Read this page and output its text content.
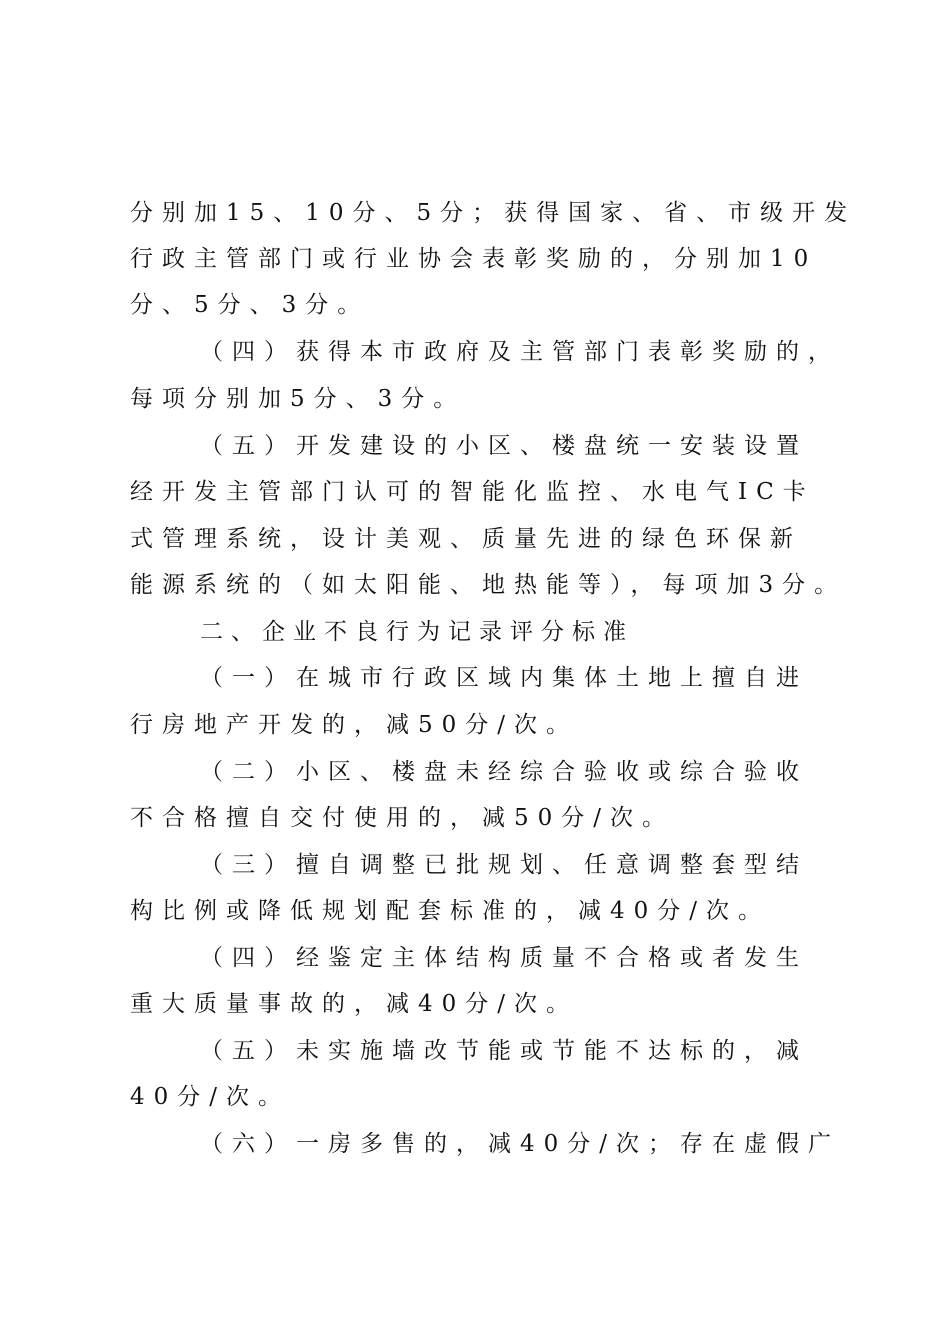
分别加15、10分、5分；获得国家、省、市级开发
行政主管部门或行业协会表彰奖励的，分别加10
分、5分、3分。
（四）获得本市政府及主管部门表彰奖励的，
每项分别加5分、3分。
（五）开发建设的小区、楼盘统一安装设置
经开发主管部门认可的智能化监控、水电气IC卡
式管理系统，设计美观、质量先进的绿色环保新
能源系统的（如太阳能、地热能等），每项加3分。
二、企业不良行为记录评分标准
（一）在城市行政区域内集体土地上擅自进
行房地产开发的，减50分/次。
（二）小区、楼盘未经综合验收或综合验收
不合格擅自交付使用的，减50分/次。
（三）擅自调整已批规划、任意调整套型结
构比例或降低规划配套标准的，减40分/次。
（四）经鉴定主体结构质量不合格或者发生
重大质量事故的，减40分/次。
（五）未实施墙改节能或节能不达标的，减
40分/次。
（六）一房多售的，减40分/次；存在虚假广
